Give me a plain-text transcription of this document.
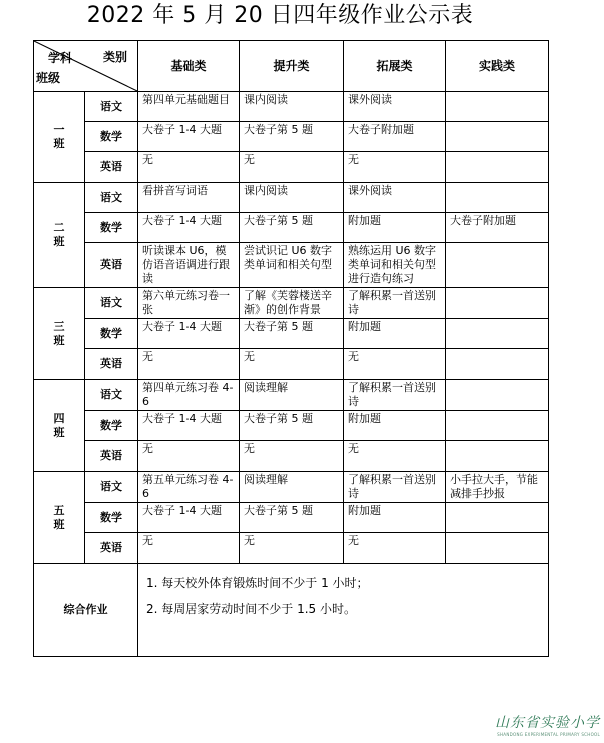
2022 年 5 月 20 日四年级作业公示表
类别
学科
班级		基础类	提升类	拓展类	实践类
一
班	语文	第四单元基础题目	课内阅读	课外阅读	
	数学	大卷子 1-4 大题	大卷子第 5 题	大卷子附加题	
	英语	无	无	无	
二
班	语文	看拼音写词语	课内阅读	课外阅读	
	数学	大卷子 1-4 大题	大卷子第 5 题	附加题	大卷子附加题
	英语	听读课本 U6，模仿语音语调进行跟读	尝试识记 U6 数字类单词和相关句型	熟练运用 U6 数字类单词和相关句型进行造句练习	
三
班	语文	第六单元练习卷一张	了解《芙蓉楼送辛渐》的创作背景	了解积累一首送别诗	
	数学	大卷子 1-4 大题	大卷子第 5 题	附加题	
	英语	无	无	无	
四
班	语文	第四单元练习卷 4-6	阅读理解	了解积累一首送别诗	
	数学	大卷子 1-4 大题	大卷子第 5 题	附加题	
	英语	无	无	无	
五
班	语文	第五单元练习卷 4-6	阅读理解	了解积累一首送别诗	小手拉大手，节能减排手抄报
	数学	大卷子 1-4 大题	大卷子第 5 题	附加题	
	英语	无	无	无	
综合作业		1. 每天校外体育锻炼时间不少于 1 小时；
2. 每周居家劳动时间不少于 1.5 小时。			
山东省实验小学
SHANDONG EXPERIMENTAL PRIMARY SCHOOL
